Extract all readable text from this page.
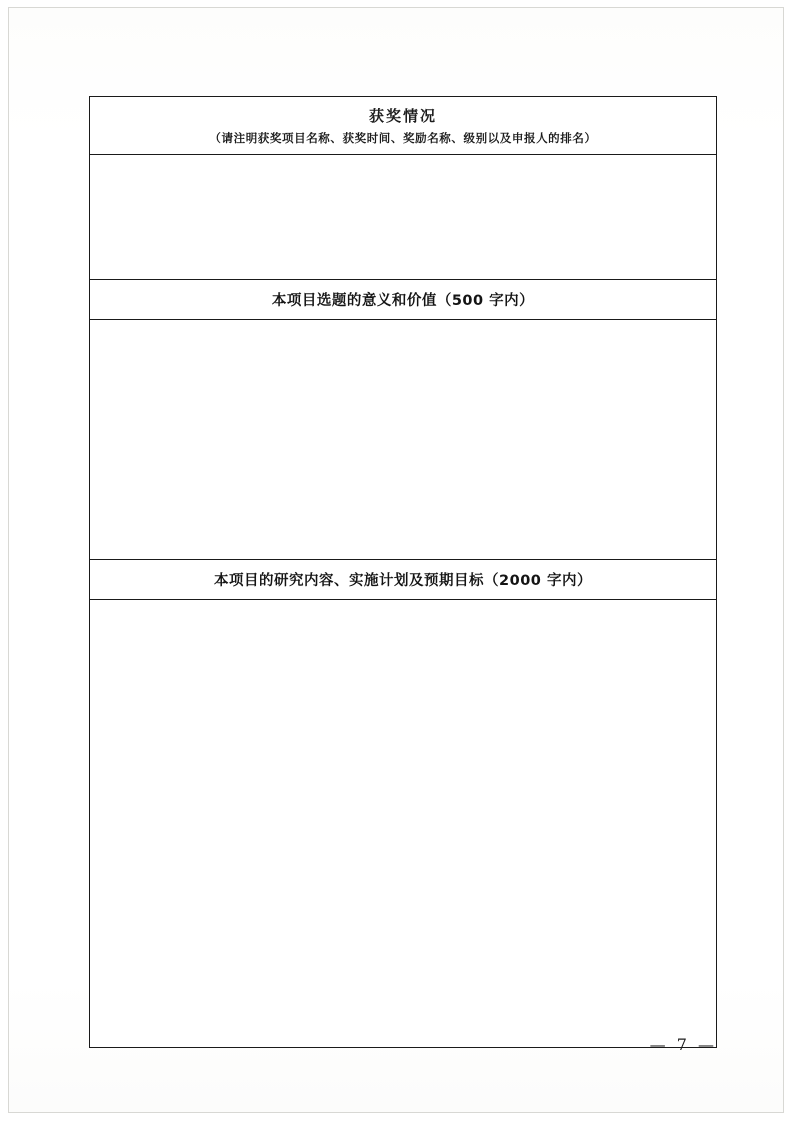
获奖情况
（请注明获奖项目名称、获奖时间、奖励名称、级别以及申报人的排名）
本项目选题的意义和价值（500 字内）
本项目的研究内容、实施计划及预期目标（2000 字内）
— 7 —
